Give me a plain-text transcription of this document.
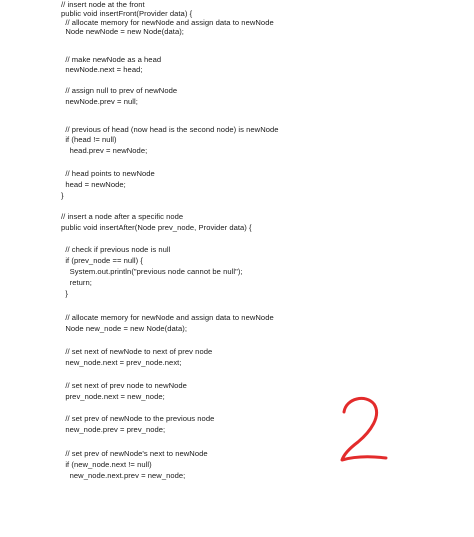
// insert node at the front
public void insertFront(Provider data) {
// allocate memory for newNode and assign data to newNode
Node newNode = new Node(data);
// make newNode as a head
newNode.next = head;
// assign null to prev of newNode
newNode.prev = null;
// previous of head (now head is the second node) is newNode
if (head != null)
head.prev = newNode;
// head points to newNode
head = newNode;
}
// insert a node after a specific node
public void insertAfter(Node prev_node, Provider data) {
// check if previous node is null
if (prev_node == null) {
System.out.println("previous node cannot be null");
return;
}
// allocate memory for newNode and assign data to newNode
Node new_node = new Node(data);
// set next of newNode to next of prev node
new_node.next = prev_node.next;
// set next of prev node to newNode
prev_node.next = new_node;
// set prev of newNode to the previous node
new_node.prev = prev_node;
// set prev of newNode's next to newNode
if (new_node.next != null)
new_node.next.prev = new_node;
